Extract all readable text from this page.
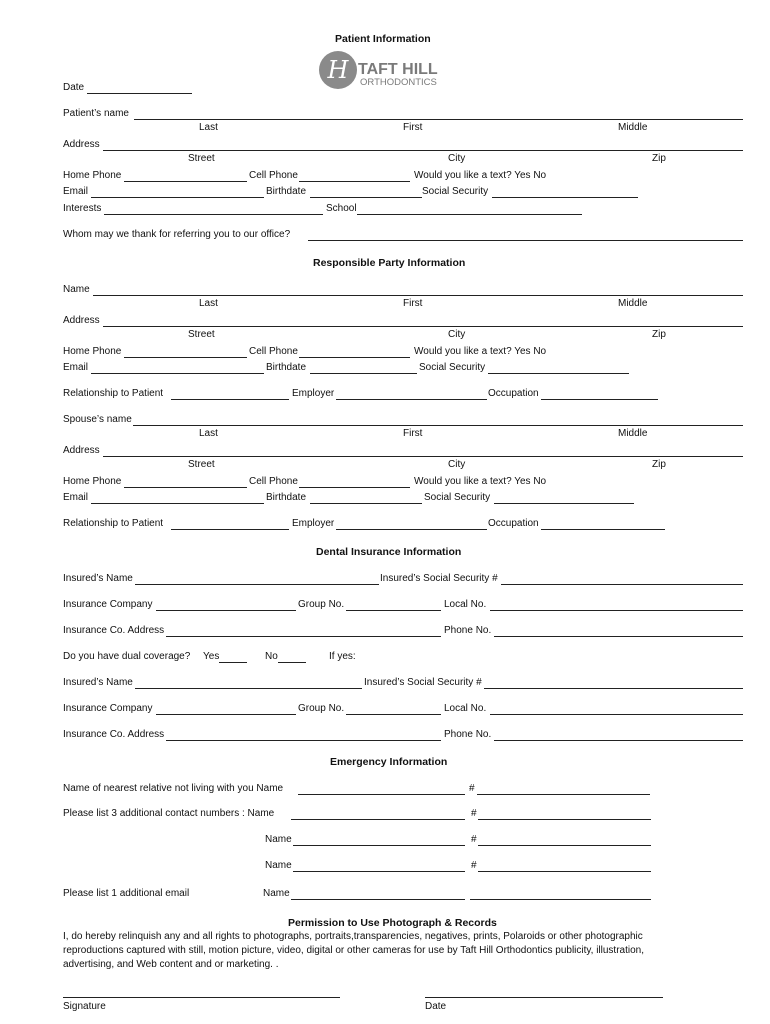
Patient Information
H TAFT HILL
ORTHODONTICS
Date
Patient’s name
Last	First	Middle
Address
Street	City	Zip
Home Phone	Cell Phone	Would you like a text? Yes No
Email	Birthdate	Social Security
Interests	School
Whom may we thank for referring you to our office?
Responsible Party Information
Name
Last	First	Middle
Address
Street	City	Zip
Home Phone	Cell Phone	Would you like a text? Yes No
Email	Birthdate	Social Security
Relationship to Patient	Employer	Occupation
Spouse’s name
Last	First	Middle
Address
Street	City	Zip
Home Phone	Cell Phone	Would you like a text? Yes No
Email	Birthdate	Social Security
Relationship to Patient	Employer	Occupation
Dental Insurance Information
Insured’s Name	Insured’s Social Security #
Insurance Company	Group No.	Local No.
Insurance Co. Address	Phone No.
Do you have dual coverage? Yes	No	If yes:
Insured’s Name	Insured’s Social Security #
Insurance Company	Group No.	Local No.
Insurance Co. Address	Phone No.
Emergency Information
Name of nearest relative not living with you Name	#
Please list 3 additional contact numbers : Name	#
Name	#
Name	#
Please list 1 additional email	Name
Permission to Use Photograph & Records
I, do hereby relinquish any and all rights to photographs, portraits,transparencies, negatives, prints, Polaroids or other photographic
reproductions captured with still, motion picture, video, digital or other cameras for use by Taft Hill Orthodontics publicity, illustration,
advertising, and Web content and or marketing. .
Signature	Date
